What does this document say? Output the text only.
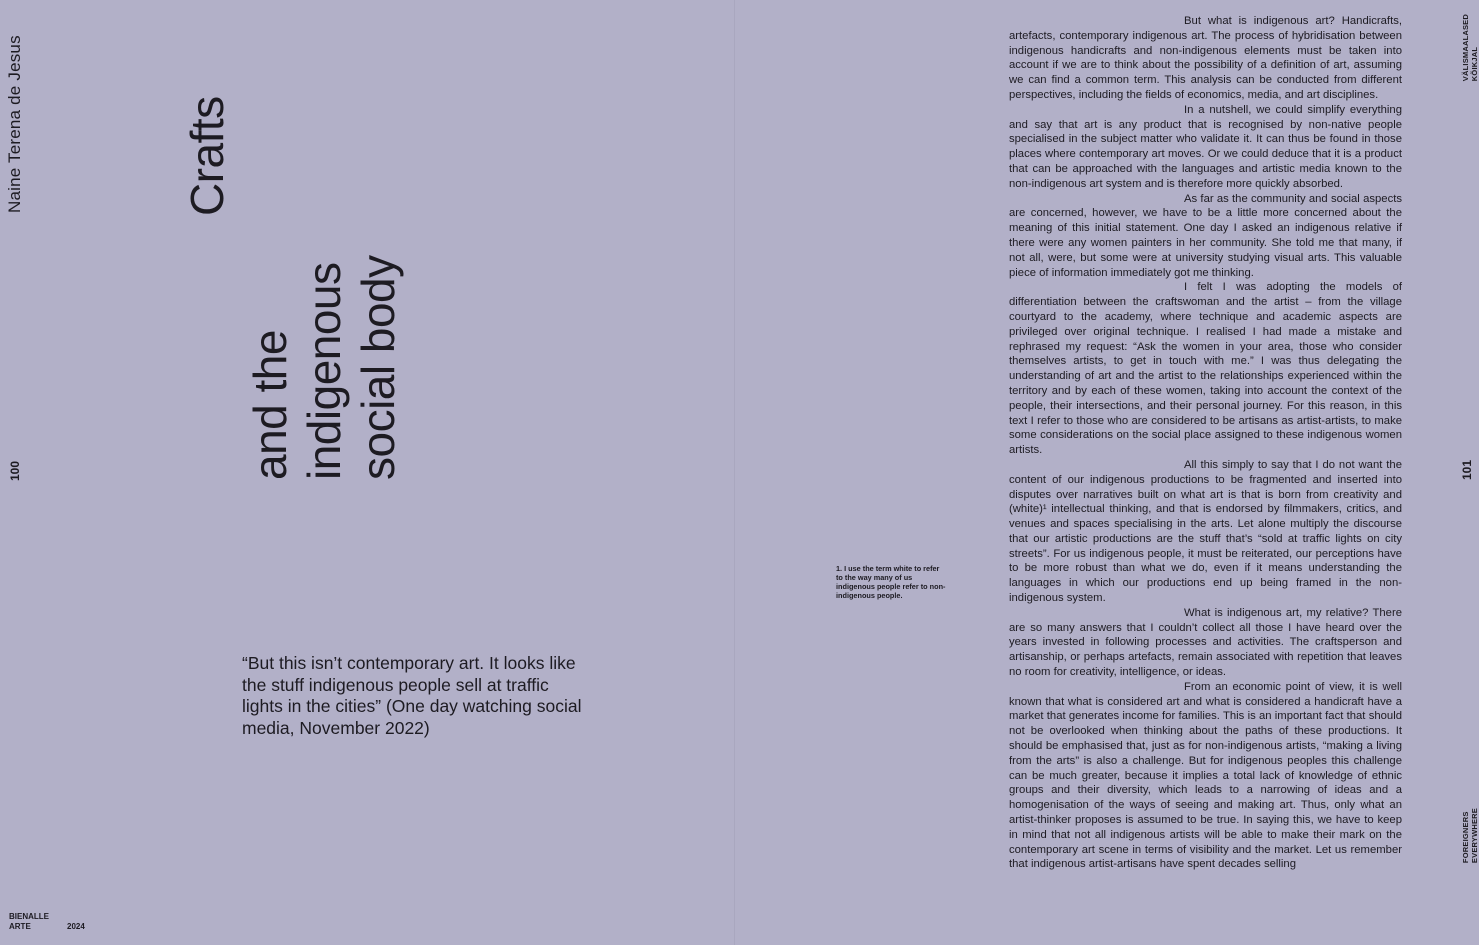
Naine Terena de Jesus
100
Crafts
and the indigenous social body
“But this isn’t contemporary art. It looks like the stuff indigenous people sell at traffic lights in the cities” (One day watching social media, November 2022)
BIENALLE
ARTE	2024
1. I use the term white to refer to the way many of us indigenous people refer to non-indigenous people.

But what is indigenous art? Handicrafts, artefacts, contemporary indigenous art. The process of hybridisation between indigenous handicrafts and non-indigenous elements must be taken into account if we are to think about the possibility of a definition of art, assuming we can find a common term. This analysis can be conducted from different perspectives, including the fields of economics, media, and art disciplines.

In a nutshell, we could simplify everything and say that art is any product that is recognised by non-native people specialised in the subject matter who validate it. It can thus be found in those places where contemporary art moves. Or we could deduce that it is a product that can be approached with the languages and artistic media known to the non-indigenous art system and is therefore more quickly absorbed.

As far as the community and social aspects are concerned, however, we have to be a little more concerned about the meaning of this initial statement. One day I asked an indigenous relative if there were any women painters in her community. She told me that many, if not all, were, but some were at university studying visual arts. This valuable piece of information immediately got me thinking.

I felt I was adopting the models of differentiation between the craftswoman and the artist – from the village courtyard to the academy, where technique and academic aspects are privileged over original technique. I realised I had made a mistake and rephrased my request: “Ask the women in your area, those who consider themselves artists, to get in touch with me.” I was thus delegating the understanding of art and the artist to the relationships experienced within the territory and by each of these women, taking into account the context of the people, their intersections, and their personal journey. For this reason, in this text I refer to those who are considered to be artisans as artist-artists, to make some considerations on the social place assigned to these indigenous women artists.

All this simply to say that I do not want the content of our indigenous productions to be fragmented and inserted into disputes over narratives built on what art is that is born from creativity and (white)¹ intellectual thinking, and that is endorsed by filmmakers, critics, and venues and spaces specialising in the arts. Let alone multiply the discourse that our artistic productions are the stuff that’s “sold at traffic lights on city streets”. For us indigenous people, it must be reiterated, our perceptions have to be more robust than what we do, even if it means understanding the languages in which our productions end up being framed in the non-indigenous system.

What is indigenous art, my relative? There are so many answers that I couldn’t collect all those I have heard over the years invested in following processes and activities. The craftsperson and artisanship, or perhaps artefacts, remain associated with repetition that leaves no room for creativity, intelligence, or ideas.

From an economic point of view, it is well known that what is considered art and what is considered a handicraft have a market that generates income for families. This is an important fact that should not be overlooked when thinking about the paths of these productions. It should be emphasised that, just as for non-indigenous artists, “making a living from the arts” is also a challenge. But for indigenous peoples this challenge can be much greater, because it implies a total lack of knowledge of ethnic groups and their diversity, which leads to a narrowing of ideas and a homogenisation of the ways of seeing and making art. Thus, only what an artist-thinker proposes is assumed to be true. In saying this, we have to keep in mind that not all indigenous artists will be able to make their mark on the contemporary art scene in terms of visibility and the market. Let us remember that indigenous artist-artisans have spent decades selling

VÄLISMAALASED KÕIKJAL
101
FOREIGNERS EVERYWHERE
